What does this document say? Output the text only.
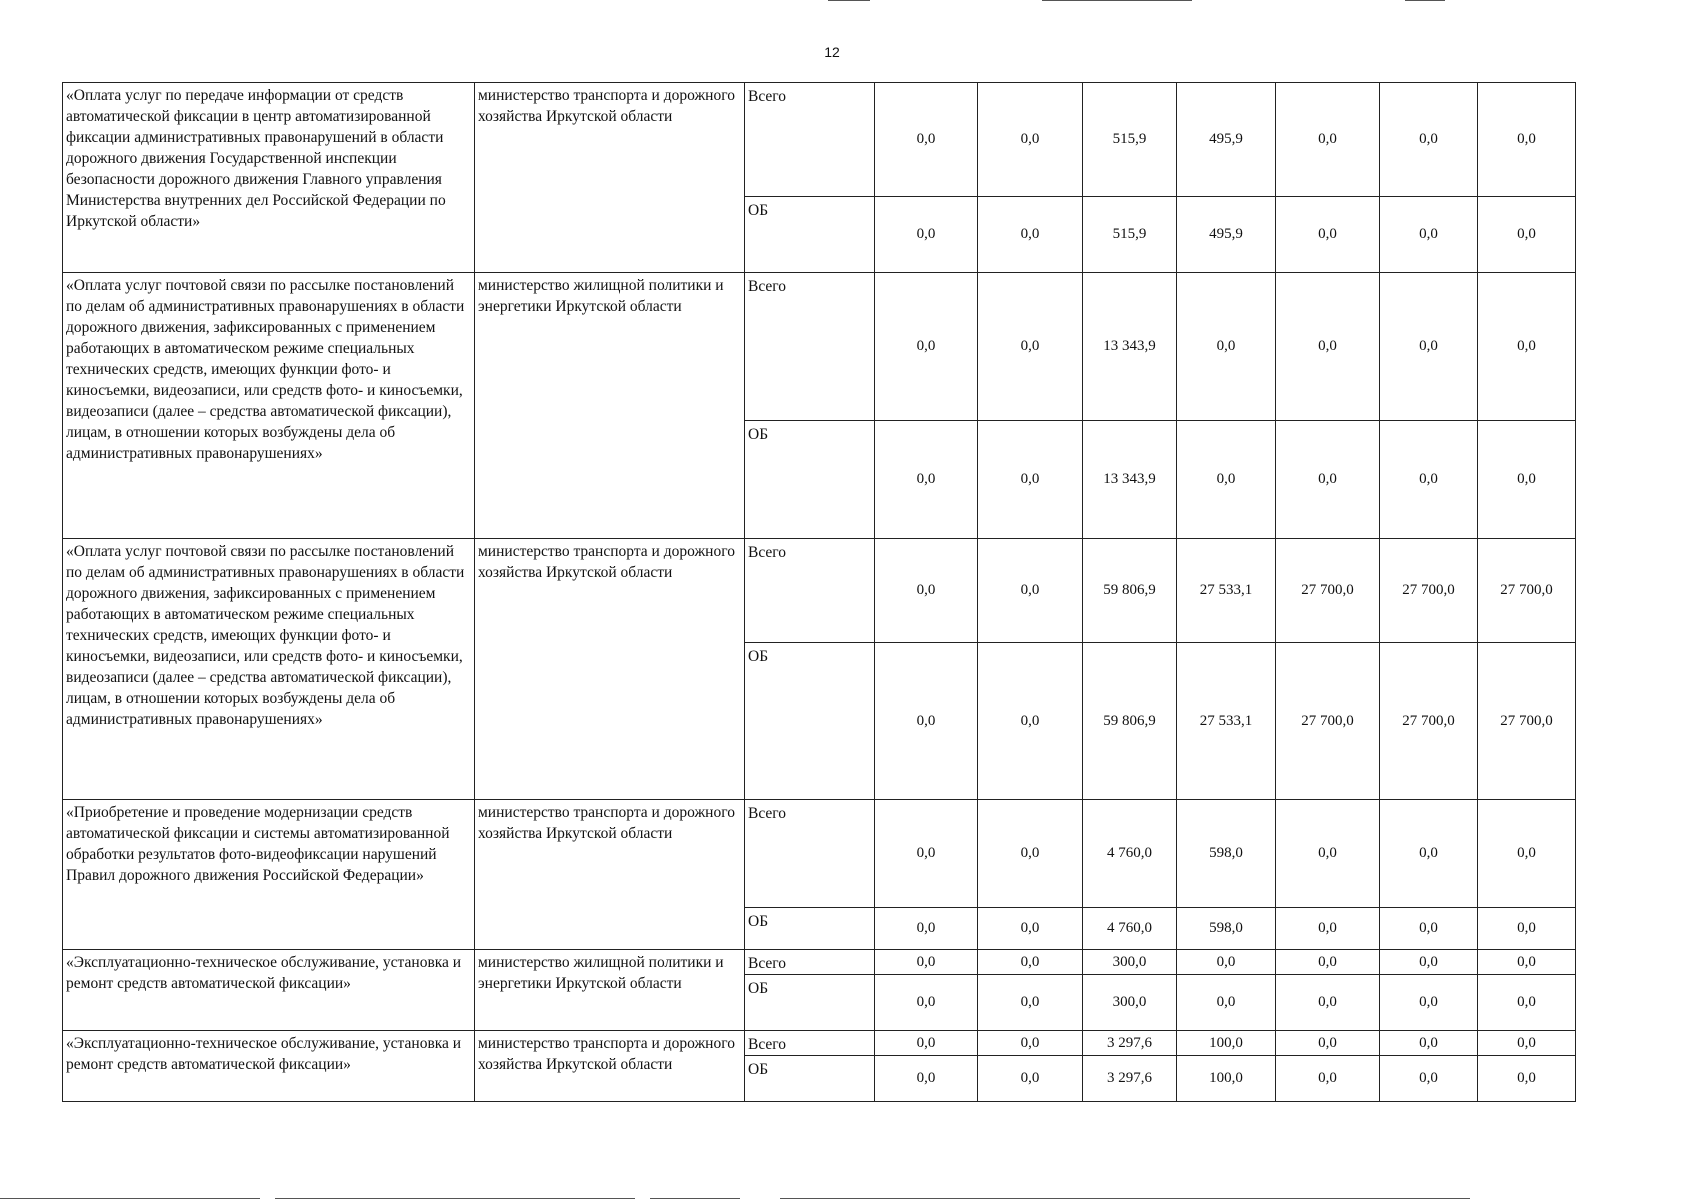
12
«Оплата услуг по передаче информации от средств автоматической фиксации в центр автоматизированной фиксации административных правонарушений в области дорожного движения Государственной инспекции безопасности дорожного движения Главного управления Министерства внутренних дел Российской Федерации по Иркутской области»	министерство транспорта и дорожного хозяйства Иркутской области	Всего	0,0	0,0	515,9	495,9	0,0	0,0	0,0
		ОБ	0,0	0,0	515,9	495,9	0,0	0,0	0,0
«Оплата услуг почтовой связи по рассылке постановлений по делам об административных правонарушениях в области дорожного движения, зафиксированных с применением работающих в автоматическом режиме специальных технических средств, имеющих функции фото- и киносъемки, видеозаписи, или средств фото- и киносъемки, видеозаписи (далее – средства автоматической фиксации), лицам, в отношении которых возбуждены дела об административных правонарушениях»	министерство жилищной политики и энергетики Иркутской области	Всего	0,0	0,0	13 343,9	0,0	0,0	0,0	0,0
		ОБ	0,0	0,0	13 343,9	0,0	0,0	0,0	0,0
«Оплата услуг почтовой связи по рассылке постановлений по делам об административных правонарушениях в области дорожного движения, зафиксированных с применением работающих в автоматическом режиме специальных технических средств, имеющих функции фото- и киносъемки, видеозаписи, или средств фото- и киносъемки, видеозаписи (далее – средства автоматической фиксации), лицам, в отношении которых возбуждены дела об административных правонарушениях»	министерство транспорта и дорожного хозяйства Иркутской области	Всего	0,0	0,0	59 806,9	27 533,1	27 700,0	27 700,0	27 700,0
		ОБ	0,0	0,0	59 806,9	27 533,1	27 700,0	27 700,0	27 700,0
«Приобретение и проведение модернизации средств автоматической фиксации и системы автоматизированной обработки результатов фото-видеофиксации нарушений Правил дорожного движения Российской Федерации»	министерство транспорта и дорожного хозяйства Иркутской области	Всего	0,0	0,0	4 760,0	598,0	0,0	0,0	0,0
		ОБ	0,0	0,0	4 760,0	598,0	0,0	0,0	0,0
«Эксплуатационно-техническое обслуживание, установка и ремонт средств автоматической фиксации»	министерство жилищной политики и энергетики Иркутской области	Всего	0,0	0,0	300,0	0,0	0,0	0,0	0,0
		ОБ	0,0	0,0	300,0	0,0	0,0	0,0	0,0
«Эксплуатационно-техническое обслуживание, установка и ремонт средств автоматической фиксации»	министерство транспорта и дорожного хозяйства Иркутской области	Всего	0,0	0,0	3 297,6	100,0	0,0	0,0	0,0
		ОБ	0,0	0,0	3 297,6	100,0	0,0	0,0	0,0
